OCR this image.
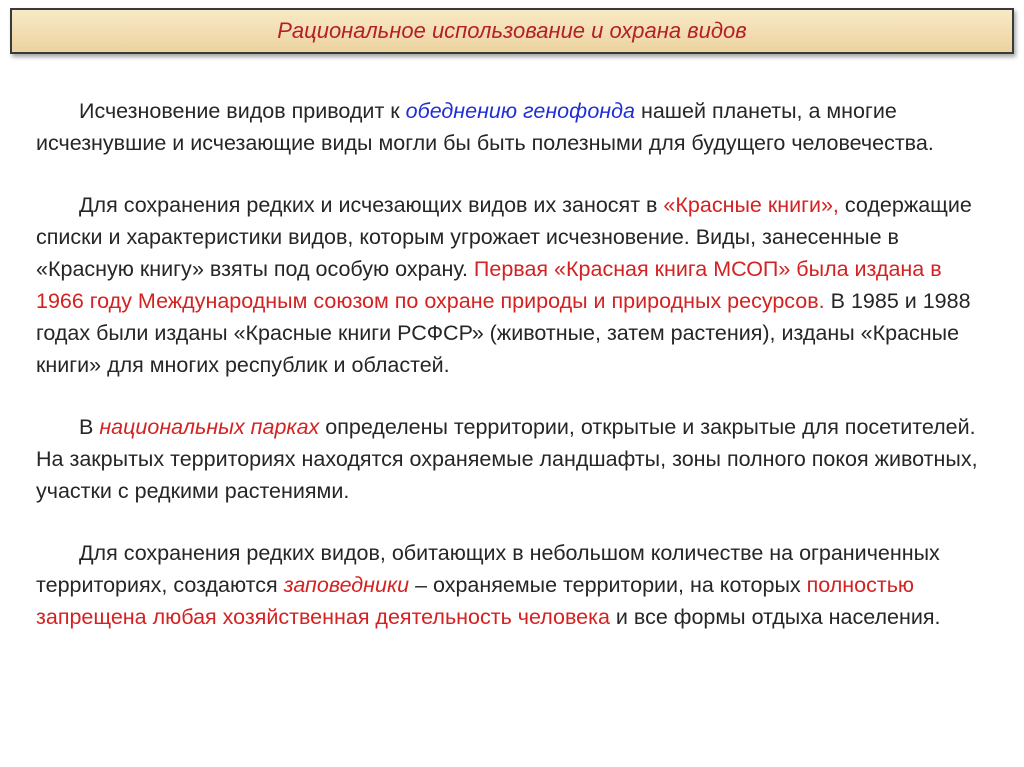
Рациональное использование и охрана видов

Исчезновение видов приводит к обеднению генофонда нашей планеты, а многие исчезнувшие и исчезающие виды могли бы быть полезными для будущего человечества.

Для сохранения редких и исчезающих видов их заносят в «Красные книги», содержащие списки и характеристики видов, которым угрожает исчезновение. Виды, занесенные в «Красную книгу» взяты под особую охрану. Первая «Красная книга МСОП» была издана в 1966 году Международным союзом по охране природы и природных ресурсов. В 1985 и 1988 годах были изданы «Красные книги РСФСР» (животные, затем растения), изданы «Красные книги» для многих республик и областей.

В национальных парках определены территории, открытые и закрытые для посетителей. На закрытых территориях находятся охраняемые ландшафты, зоны полного покоя животных, участки с редкими растениями.

Для сохранения редких видов, обитающих в небольшом количестве на ограниченных территориях, создаются заповедники – охраняемые территории, на которых полностью запрещена любая хозяйственная деятельность человека и все формы отдыха населения.
